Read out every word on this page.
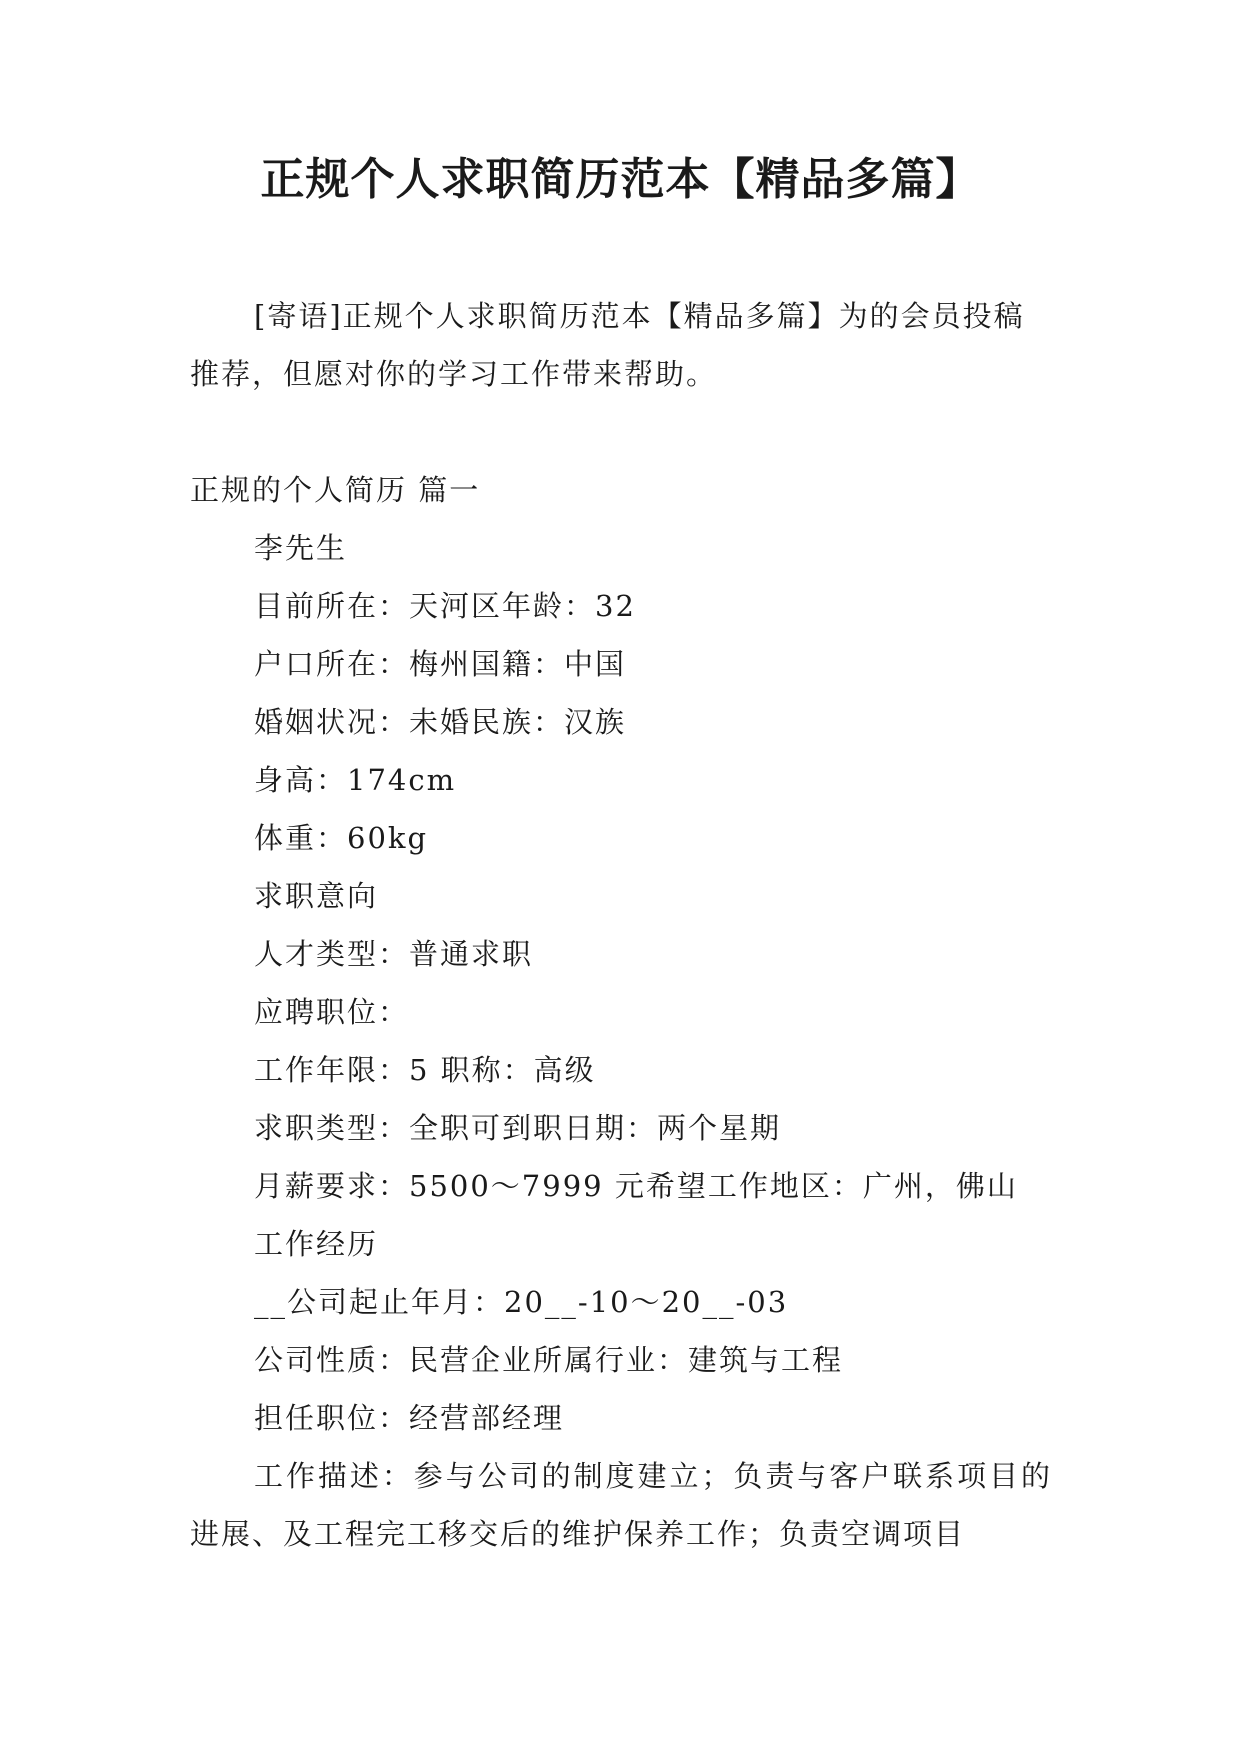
正规个人求职简历范本【精品多篇】

[寄语]正规个人求职简历范本【精品多篇】为的会员投稿推荐，但愿对你的学习工作带来帮助。

正规的个人简历 篇一

李先生

目前所在：天河区年龄：32

户口所在：梅州国籍：中国

婚姻状况：未婚民族：汉族

身高：174cm

体重：60kg

求职意向

人才类型：普通求职

应聘职位：

工作年限：5 职称：高级

求职类型：全职可到职日期：两个星期

月薪要求：5500～7999 元希望工作地区：广州，佛山

工作经历

__公司起止年月：20__-10～20__-03

公司性质：民营企业所属行业：建筑与工程

担任职位：经营部经理

工作描述：参与公司的制度建立；负责与客户联系项目的进展、及工程完工移交后的维护保养工作；负责空调项目
